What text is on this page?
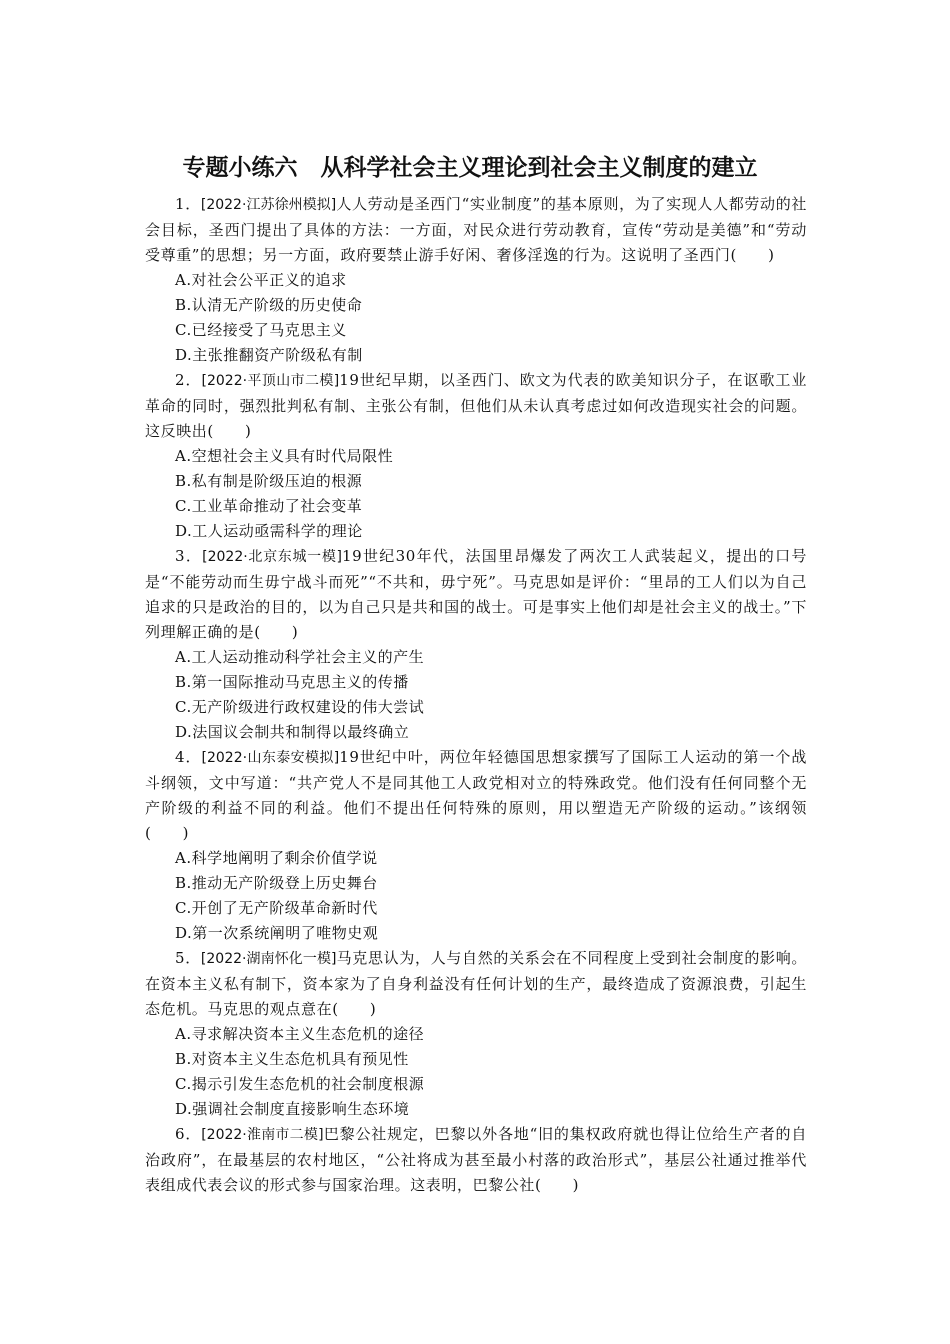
专题小练六　从科学社会主义理论到社会主义制度的建立

1．[2022·江苏徐州模拟]人人劳动是圣西门“实业制度”的基本原则，为了实现人人都劳动的社会目标，圣西门提出了具体的方法：一方面，对民众进行劳动教育，宣传“劳动是美德”和“劳动受尊重”的思想；另一方面，政府要禁止游手好闲、奢侈淫逸的行为。这说明了圣西门(　　)

A.对社会公平正义的追求
B.认清无产阶级的历史使命
C.已经接受了马克思主义
D.主张推翻资产阶级私有制

2．[2022·平顶山市二模]19世纪早期，以圣西门、欧文为代表的欧美知识分子，在讴歌工业革命的同时，强烈批判私有制、主张公有制，但他们从未认真考虑过如何改造现实社会的问题。这反映出(　　)

A.空想社会主义具有时代局限性
B.私有制是阶级压迫的根源
C.工业革命推动了社会变革
D.工人运动亟需科学的理论

3．[2022·北京东城一模]19世纪30年代，法国里昂爆发了两次工人武装起义，提出的口号是“不能劳动而生毋宁战斗而死”“不共和，毋宁死”。马克思如是评价：“里昂的工人们以为自己追求的只是政治的目的，以为自己只是共和国的战士。可是事实上他们却是社会主义的战士。”下列理解正确的是(　　)

A.工人运动推动科学社会主义的产生
B.第一国际推动马克思主义的传播
C.无产阶级进行政权建设的伟大尝试
D.法国议会制共和制得以最终确立

4．[2022·山东泰安模拟]19世纪中叶，两位年轻德国思想家撰写了国际工人运动的第一个战斗纲领，文中写道：“共产党人不是同其他工人政党相对立的特殊政党。他们没有任何同整个无产阶级的利益不同的利益。他们不提出任何特殊的原则，用以塑造无产阶级的运动。”该纲领(　　)

A.科学地阐明了剩余价值学说
B.推动无产阶级登上历史舞台
C.开创了无产阶级革命新时代
D.第一次系统阐明了唯物史观

5．[2022·湖南怀化一模]马克思认为，人与自然的关系会在不同程度上受到社会制度的影响。在资本主义私有制下，资本家为了自身利益没有任何计划的生产，最终造成了资源浪费，引起生态危机。马克思的观点意在(　　)

A.寻求解决资本主义生态危机的途径
B.对资本主义生态危机具有预见性
C.揭示引发生态危机的社会制度根源
D.强调社会制度直接影响生态环境

6．[2022·淮南市二模]巴黎公社规定，巴黎以外各地“旧的集权政府就也得让位给生产者的自治政府”，在最基层的农村地区，“公社将成为甚至最小村落的政治形式”，基层公社通过推举代表组成代表会议的形式参与国家治理。这表明，巴黎公社(　　)
